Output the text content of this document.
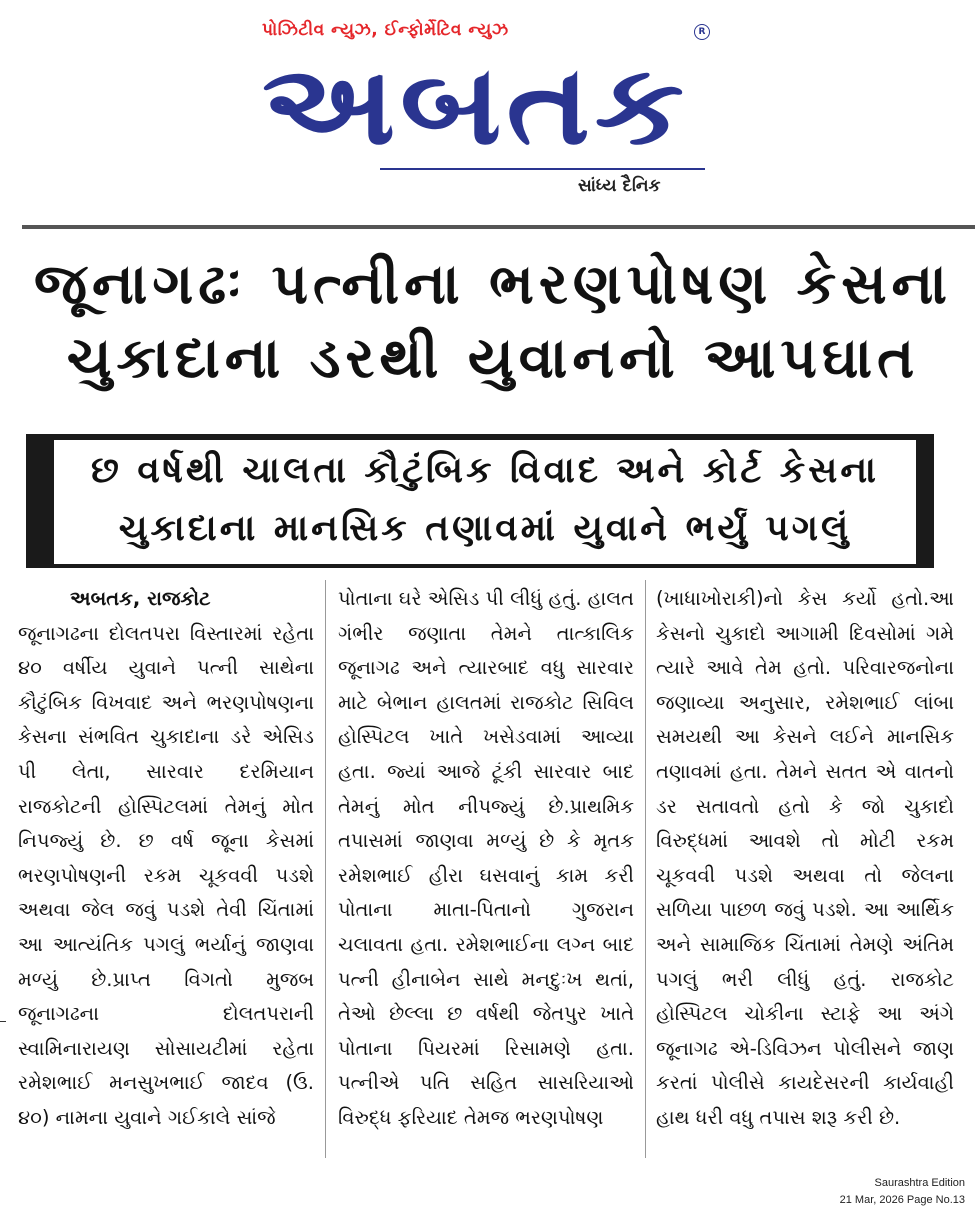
પોઝિટીવ ન્યુઝ, ઈન્ફોર્મેટિવ ન્યુઝ	R
અબતક
સાંધ્ય દૈનિક
જૂનાગઢઃ પત્નીના ભરણપોષણ કેસના ચુકાદાના ડરથી યુવાનનો આપઘાત
છ વર્ષથી ચાલતા કૌટુંબિક વિવાદ અને કોર્ટ કેસના ચુકાદાના માનસિક તણાવમાં યુવાને ભર્યું પગલું
અબતક, રાજકોટ

જૂનાગઢના દોલતપરા વિસ્તારમાં રહેતા ૪૦ વર્ષીય યુવાને પત્ની સાથેના કૌટુંબિક વિખવાદ અને ભરણપોષણના કેસના સંભવિત ચુકાદાના ડરે એસિડ પી લેતા, સારવાર દરમિયાન રાજકોટની હોસ્પિટલમાં તેમનું મોત નિપજ્યું છે. છ વર્ષ જૂના કેસમાં ભરણપોષણની રકમ ચૂકવવી પડશે અથવા જેલ જવું પડશે તેવી ચિંતામાં આ આત્યંતિક પગલું ભર્યાનું જાણવા મળ્યું છે.પ્રાપ્ત વિગતો મુજબ જૂનાગઢના દોલતપરાની સ્વામિનારાયણ સોસાયટીમાં રહેતા રમેશભાઈ મનસુખભાઈ જાદવ (ઉ. ૪૦) નામના યુવાને ગઈકાલે સાંજે

પોતાના ઘરે એસિડ પી લીધું હતું. હાલત ગંભીર જણાતા તેમને તાત્કાલિક જૂનાગઢ અને ત્યારબાદ વધુ સારવાર માટે બેભાન હાલતમાં રાજકોટ સિવિલ હોસ્પિટલ ખાતે ખસેડવામાં આવ્યા હતા. જ્યાં આજે ટૂંકી સારવાર બાદ તેમનું મોત નીપજ્યું છે.પ્રાથમિક તપાસમાં જાણવા મળ્યું છે કે મૃતક રમેશભાઈ હીરા ઘસવાનું કામ કરી પોતાના માતા-પિતાનો ગુજરાન ચલાવતા હતા. રમેશભાઈના લગ્ન બાદ પત્ની હીનાબેન સાથે મનદુઃખ થતાં, તેઓ છેલ્લા છ વર્ષથી જેતપુર ખાતે પોતાના પિયરમાં રિસામણે હતા. પત્નીએ પતિ સહિત સાસરિયાઓ વિરુદ્ધ ફરિયાદ તેમજ ભરણપોષણ

(ખાધાખોરાકી)નો કેસ કર્યો હતો.આ કેસનો ચુકાદો આગામી દિવસોમાં ગમે ત્યારે આવે તેમ હતો. પરિવારજનોના જણાવ્યા અનુસાર, રમેશભાઈ લાંબા સમયથી આ કેસને લઈને માનસિક તણાવમાં હતા. તેમને સતત એ વાતનો ડર સતાવતો હતો કે જો ચુકાદો વિરુદ્ધમાં આવશે તો મોટી રકમ ચૂકવવી પડશે અથવા તો જેલના સળિયા પાછળ જવું પડશે. આ આર્થિક અને સામાજિક ચિંતામાં તેમણે અંતિમ પગલું ભરી લીધું હતું. રાજકોટ હોસ્પિટલ ચોકીના સ્ટાફે આ અંગે જૂનાગઢ એ-ડિવિઝન પોલીસને જાણ કરતાં પોલીસે કાયદેસરની કાર્યવાહી હાથ ધરી વધુ તપાસ શરૂ કરી છે.

Saurashtra Edition
21 Mar, 2026 Page No.13
